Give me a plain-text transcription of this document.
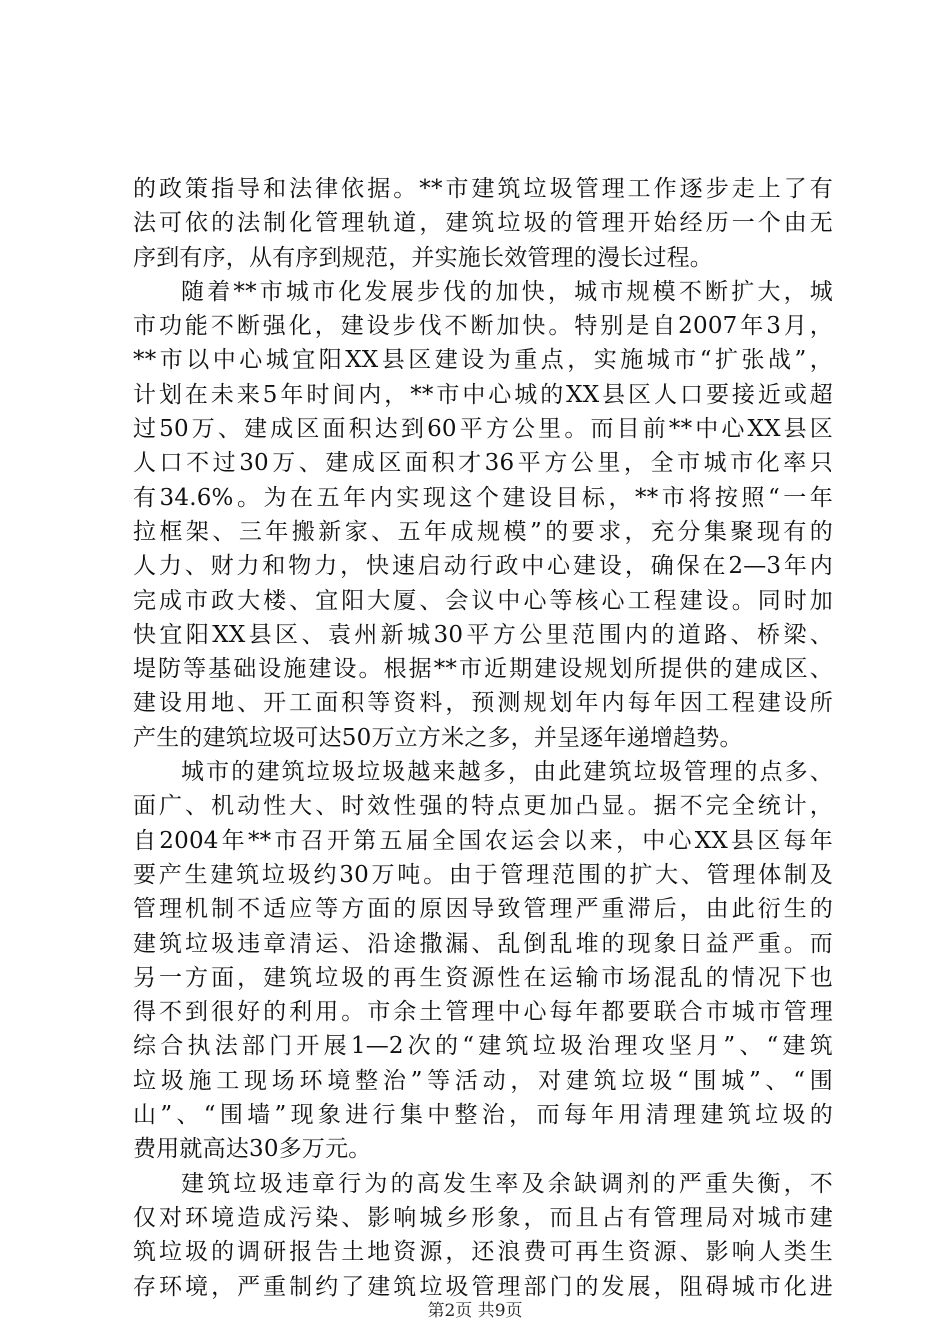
的政策指导和法律依据。**市建筑垃圾管理工作逐步走上了有
法可依的法制化管理轨道，建筑垃圾的管理开始经历一个由无
序到有序，从有序到规范，并实施长效管理的漫长过程。

随着**市城市化发展步伐的加快，城市规模不断扩大，城
市功能不断强化，建设步伐不断加快。特别是自2007年3月，
**市以中心城宜阳XX县区建设为重点，实施城市“扩张战”，
计划在未来5年时间内，**市中心城的XX县区人口要接近或超
过50万、建成区面积达到60平方公里。而目前**中心XX县区
人口不过30万、建成区面积才36平方公里，全市城市化率只
有34.6%。为在五年内实现这个建设目标，**市将按照“一年
拉框架、三年搬新家、五年成规模”的要求，充分集聚现有的
人力、财力和物力，快速启动行政中心建设，确保在2—3年内
完成市政大楼、宜阳大厦、会议中心等核心工程建设。同时加
快宜阳XX县区、袁州新城30平方公里范围内的道路、桥梁、
堤防等基础设施建设。根据**市近期建设规划所提供的建成区、
建设用地、开工面积等资料，预测规划年内每年因工程建设所
产生的建筑垃圾可达50万立方米之多，并呈逐年递增趋势。

城市的建筑垃圾垃圾越来越多，由此建筑垃圾管理的点多、
面广、机动性大、时效性强的特点更加凸显。据不完全统计，
自2004年**市召开第五届全国农运会以来，中心XX县区每年
要产生建筑垃圾约30万吨。由于管理范围的扩大、管理体制及
管理机制不适应等方面的原因导致管理严重滞后，由此衍生的
建筑垃圾违章清运、沿途撒漏、乱倒乱堆的现象日益严重。而
另一方面，建筑垃圾的再生资源性在运输市场混乱的情况下也
得不到很好的利用。市余土管理中心每年都要联合市城市管理
综合执法部门开展1—2次的“建筑垃圾治理攻坚月”、“建筑
垃圾施工现场环境整治”等活动，对建筑垃圾“围城”、“围
山”、“围墙”现象进行集中整治，而每年用清理建筑垃圾的
费用就高达30多万元。

建筑垃圾违章行为的高发生率及余缺调剂的严重失衡，不
仅对环境造成污染、影响城乡形象，而且占有管理局对城市建
筑垃圾的调研报告土地资源，还浪费可再生资源、影响人类生
存环境，严重制约了建筑垃圾管理部门的发展，阻碍城市化进

第2页 共9页
